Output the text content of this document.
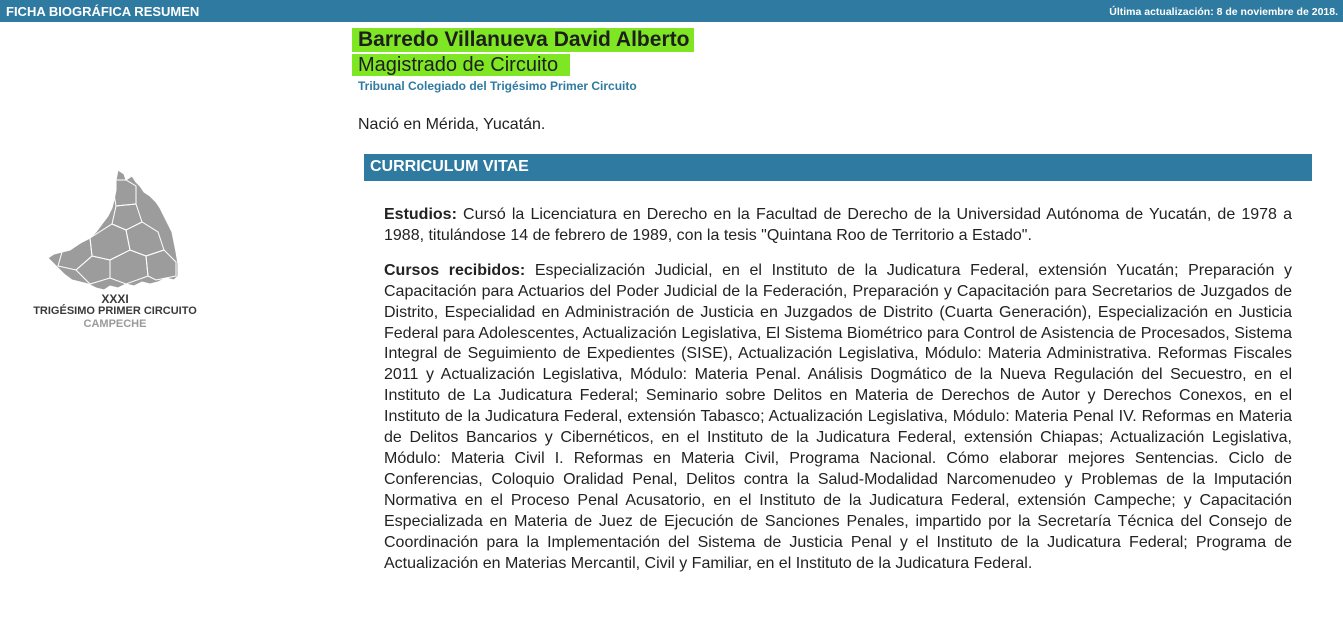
FICHA BIOGRÁFICA RESUMEN	Última actualización: 8 de noviembre de 2018.
XXXI
TRIGÉSIMO PRIMER CIRCUITO
CAMPECHE
Barredo Villanueva David Alberto
Magistrado de Circuito
Tribunal Colegiado del Trigésimo Primer Circuito
Nació en Mérida, Yucatán.
CURRICULUM VITAE

Estudios: Cursó la Licenciatura en Derecho en la Facultad de Derecho de la Universidad Autónoma de Yucatán, de 1978 a 1988, titulándose 14 de febrero de 1989, con la tesis "Quintana Roo de Territorio a Estado".

Cursos recibidos: Especialización Judicial, en el Instituto de la Judicatura Federal, extensión Yucatán; Preparación y Capacitación para Actuarios del Poder Judicial de la Federación, Preparación y Capacitación para Secretarios de Juzgados de Distrito, Especialidad en Administración de Justicia en Juzgados de Distrito (Cuarta Generación), Especialización en Justicia Federal para Adolescentes, Actualización Legislativa, El Sistema Biométrico para Control de Asistencia de Procesados, Sistema Integral de Seguimiento de Expedientes (SISE), Actualización Legislativa, Módulo: Materia Administrativa. Reformas Fiscales 2011 y Actualización Legislativa, Módulo: Materia Penal. Análisis Dogmático de la Nueva Regulación del Secuestro, en el Instituto de La Judicatura Federal; Seminario sobre Delitos en Materia de Derechos de Autor y Derechos Conexos, en el Instituto de la Judicatura Federal, extensión Tabasco; Actualización Legislativa, Módulo: Materia Penal IV. Reformas en Materia de Delitos Bancarios y Cibernéticos, en el Instituto de la Judicatura Federal, extensión Chiapas; Actualización Legislativa, Módulo: Materia Civil I. Reformas en Materia Civil, Programa Nacional. Cómo elaborar mejores Sentencias. Ciclo de Conferencias, Coloquio Oralidad Penal, Delitos contra la Salud-Modalidad Narcomenudeo y Problemas de la Imputación Normativa en el Proceso Penal Acusatorio, en el Instituto de la Judicatura Federal, extensión Campeche; y Capacitación Especializada en Materia de Juez de Ejecución de Sanciones Penales, impartido por la Secretaría Técnica del Consejo de Coordinación para la Implementación del Sistema de Justicia Penal y el Instituto de la Judicatura Federal; Programa de Actualización en Materias Mercantil, Civil y Familiar, en el Instituto de la Judicatura Federal.
